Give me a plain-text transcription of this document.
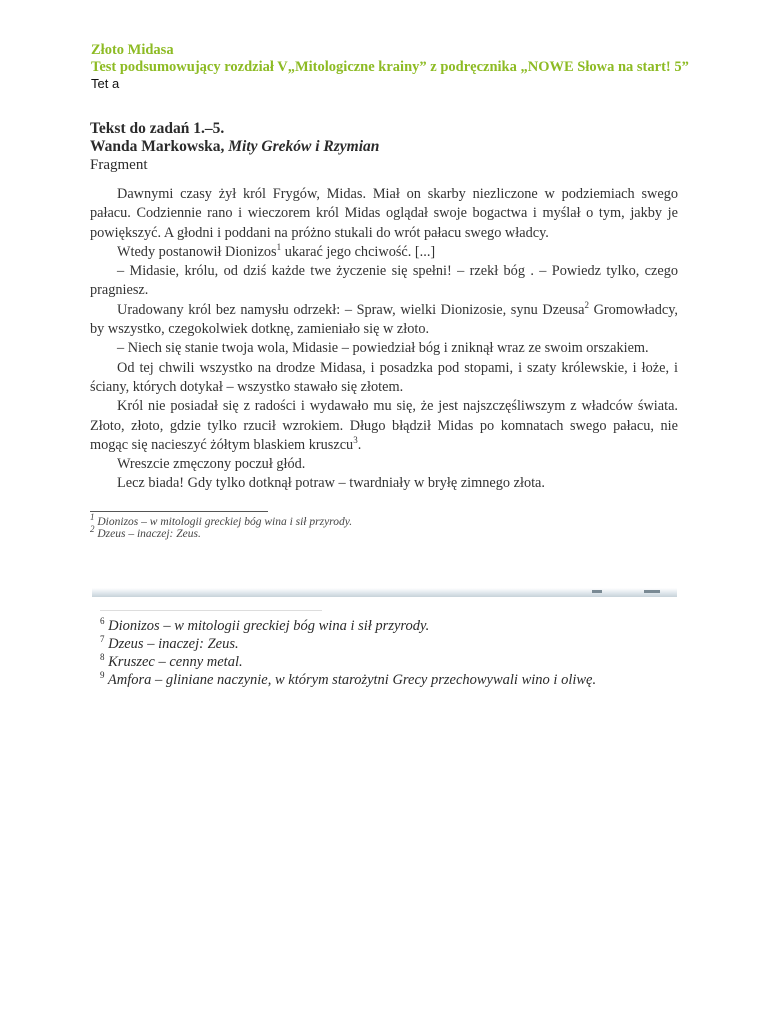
Złoto Midasa

Test podsumowujący rozdział V„Mitologiczne krainy” z podręcznika „NOWE Słowa na start! 5”

Tet a

Tekst do zadań 1.–5.

Wanda Markowska, Mity Greków i Rzymian

Fragment

Dawnymi czasy żył król Frygów, Midas. Miał on skarby niezliczone w podziemiach swego pałacu. Codziennie rano i wieczorem król Midas oglądał swoje bogactwa i myślał o tym, jakby je powiększyć. A głodni i poddani na próżno stukali do wrót pałacu swego władcy.

Wtedy postanowił Dionizos$^1$ ukarać jego chciwość. [...]

– Midasie, królu, od dziś każde twe życzenie się spełni! – rzekł bóg . – Powiedz tylko, czego pragniesz.

Uradowany król bez namysłu odrzekł: – Spraw, wielki Dionizosie, synu Dzeusa$^2$ Gromowładcy, by wszystko, czegokolwiek dotknę, zamieniało się w złoto.

– Niech się stanie twoja wola, Midasie – powiedział bóg i zniknął wraz ze swoim orszakiem.

Od tej chwili wszystko na drodze Midasa, i posadzka pod stopami, i szaty królewskie, i łoże, i ściany, których dotykał – wszystko stawało się złotem.

Król nie posiadał się z radości i wydawało mu się, że jest najszczęśliwszym z władców świata. Złoto, złoto, gdzie tylko rzucił wzrokiem. Długo błądził Midas po komnatach swego pałacu, nie mogąc się nacieszyć żółtym blaskiem kruszcu$^3$.

Wreszcie zmęczony poczuł głód.

Lecz biada! Gdy tylko dotknął potraw – twardniały w bryłę zimnego złota.

$^1$ Dionizos – w mitologii greckiej bóg wina i sił przyrody.

$^2$ Dzeus – inaczej: Zeus.

$^6$ Dionizos – w mitologii greckiej bóg wina i sił przyrody.

$^7$ Dzeus – inaczej: Zeus.

$^8$ Kruszec – cenny metal.

$^9$ Amfora – gliniane naczynie, w którym starożytni Grecy przechowywali wino i oliwę.
